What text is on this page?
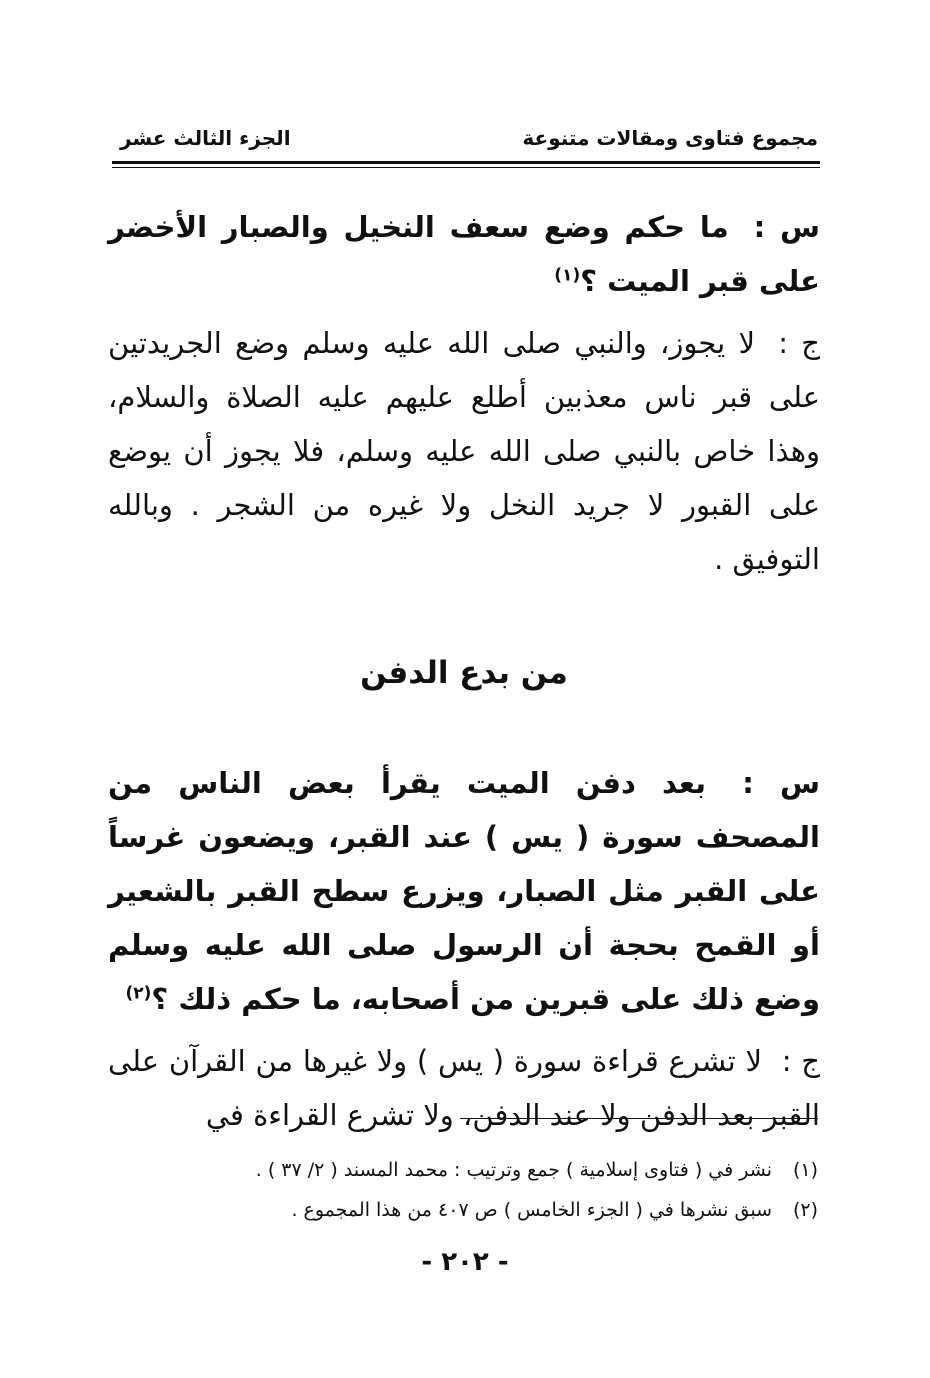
مجموع فتاوى ومقالات متنوعة
الجزء الثالث عشر

س : ما حكم وضع سعف النخيل والصبار الأخضر على قبر الميت ؟$^{(١)}$

ج : لا يجوز، والنبي صلى الله عليه وسلم وضع الجريدتين على قبر ناس معذبين أطلع عليهم عليه الصلاة والسلام، وهذا خاص بالنبي صلى الله عليه وسلم، فلا يجوز أن يوضع على القبور لا جريد النخل ولا غيره من الشجر . وبالله التوفيق .

من بدع الدفن

س : بعد دفن الميت يقرأ بعض الناس من المصحف سورة ( يس ) عند القبر، ويضعون غرساً على القبر مثل الصبار، ويزرع سطح القبر بالشعير أو القمح بحجة أن الرسول صلى الله عليه وسلم وضع ذلك على قبرين من أصحابه، ما حكم ذلك ؟$^{(٢)}$

ج : لا تشرع قراءة سورة ( يس ) ولا غيرها من القرآن على القبر بعد الدفن ولا عند الدفن، ولا تشرع القراءة في

(١)
نشر في ( فتاوى إسلامية ) جمع وترتيب : محمد المسند ( ٢/ ٣٧ ) .
(٢)
سبق نشرها في ( الجزء الخامس ) ص ٤٠٧ من هذا المجموع .
- ٢٠٢ -
